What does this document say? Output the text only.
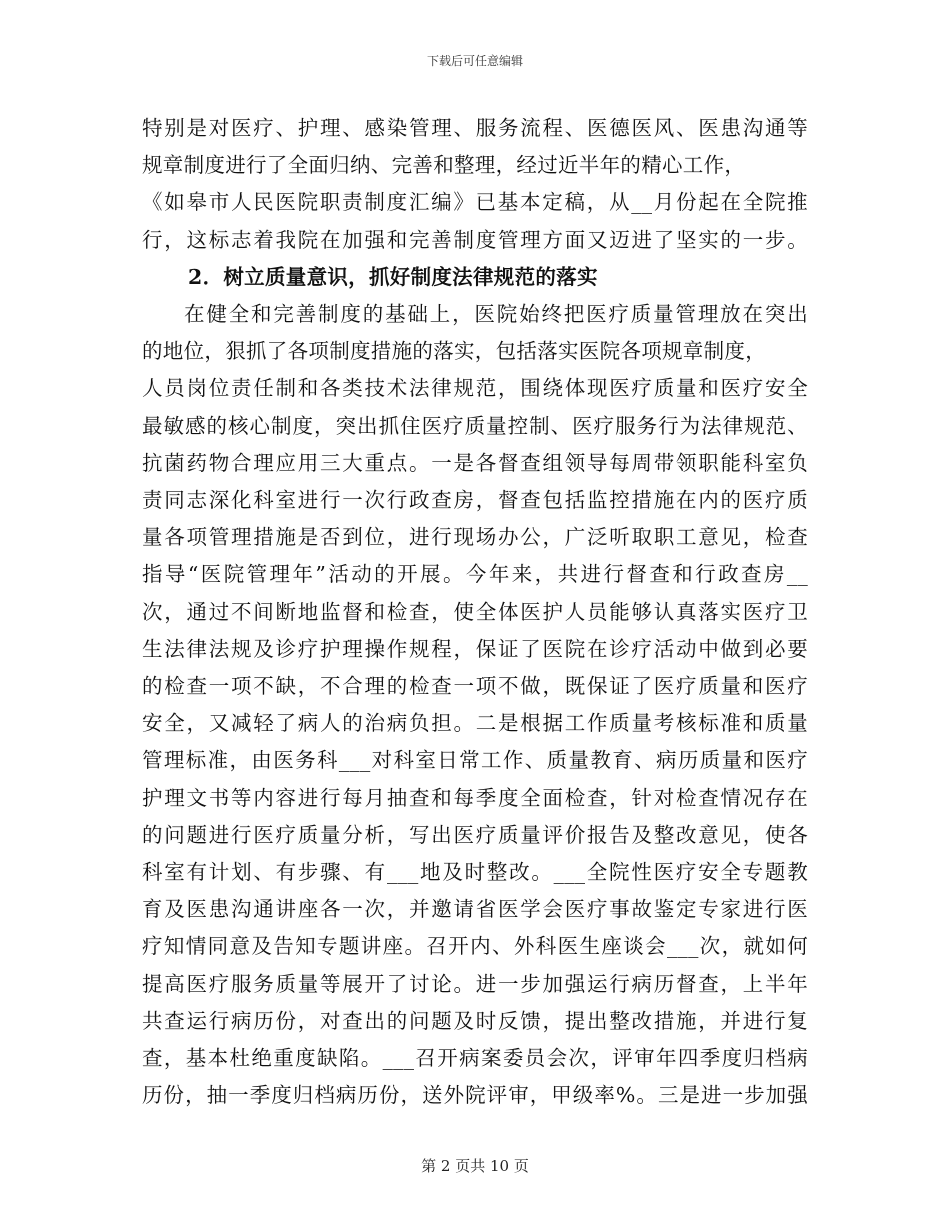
下载后可任意编辑
特别是对医疗、护理、感染管理、服务流程、医德医风、医患沟通等
规章制度进行了全面归纳、完善和整理，经过近半年的精心工作，
《如皋市人民医院职责制度汇编》已基本定稿，从__月份起在全院推
行，这标志着我院在加强和完善制度管理方面又迈进了坚实的一步。
2．树立质量意识，抓好制度法律规范的落实
在健全和完善制度的基础上，医院始终把医疗质量管理放在突出
的地位，狠抓了各项制度措施的落实，包括落实医院各项规章制度，
人员岗位责任制和各类技术法律规范，围绕体现医疗质量和医疗安全
最敏感的核心制度，突出抓住医疗质量控制、医疗服务行为法律规范、
抗菌药物合理应用三大重点。一是各督查组领导每周带领职能科室负
责同志深化科室进行一次行政查房，督查包括监控措施在内的医疗质
量各项管理措施是否到位，进行现场办公，广泛听取职工意见，检查
指导“医院管理年”活动的开展。今年来，共进行督查和行政查房__
次，通过不间断地监督和检查，使全体医护人员能够认真落实医疗卫
生法律法规及诊疗护理操作规程，保证了医院在诊疗活动中做到必要
的检查一项不缺，不合理的检查一项不做，既保证了医疗质量和医疗
安全，又减轻了病人的治病负担。二是根据工作质量考核标准和质量
管理标准，由医务科___对科室日常工作、质量教育、病历质量和医疗
护理文书等内容进行每月抽查和每季度全面检查，针对检查情况存在
的问题进行医疗质量分析，写出医疗质量评价报告及整改意见，使各
科室有计划、有步骤、有___地及时整改。___全院性医疗安全专题教
育及医患沟通讲座各一次，并邀请省医学会医疗事故鉴定专家进行医
疗知情同意及告知专题讲座。召开内、外科医生座谈会___次，就如何
提高医疗服务质量等展开了讨论。进一步加强运行病历督查，上半年
共查运行病历份，对查出的问题及时反馈，提出整改措施，并进行复
查，基本杜绝重度缺陷。___召开病案委员会次，评审年四季度归档病
历份，抽一季度归档病历份，送外院评审，甲级率%。三是进一步加强
第 2 页共 10 页
